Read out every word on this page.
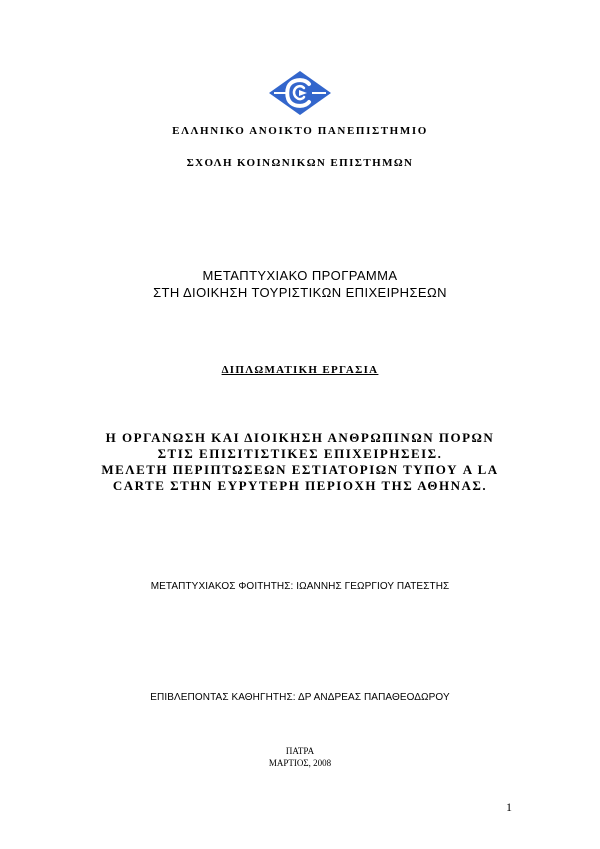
ΕΛΛΗΝΙΚΟ ΑΝΟΙΚΤΟ ΠΑΝΕΠΙΣΤΗΜΙΟ
ΣΧΟΛΗ ΚΟΙΝΩΝΙΚΩΝ ΕΠΙΣΤΗΜΩΝ
ΜΕΤΑΠΤΥΧΙΑΚΟ ΠΡΟΓΡΑΜΜΑ
ΣΤΗ ΔΙΟΙΚΗΣΗ ΤΟΥΡΙΣΤΙΚΩΝ ΕΠΙΧΕΙΡΗΣΕΩΝ
ΔΙΠΛΩΜΑΤΙΚΗ ΕΡΓΑΣΙΑ
Η ΟΡΓΑΝΩΣΗ ΚΑΙ ΔΙΟΙΚΗΣΗ ΑΝΘΡΩΠΙΝΩΝ ΠΟΡΩΝ
ΣΤΙΣ ΕΠΙΣΙΤΙΣΤΙΚΕΣ ΕΠΙΧΕΙΡΗΣΕΙΣ.
ΜΕΛΕΤΗ ΠΕΡΙΠΤΩΣΕΩΝ ΕΣΤΙΑΤΟΡΙΩΝ ΤΥΠΟΥ A LA
CARTE ΣΤΗΝ ΕΥΡΥΤΕΡΗ ΠΕΡΙΟΧΗ ΤΗΣ ΑΘΗΝΑΣ.
ΜΕΤΑΠΤΥΧΙΑΚΟΣ ΦΟΙΤΗΤΗΣ: ΙΩΑΝΝΗΣ ΓΕΩΡΓΙΟΥ ΠΑΤΕΣΤΗΣ
ΕΠΙΒΛΕΠΟΝΤΑΣ ΚΑΘΗΓΗΤΗΣ: ΔΡ ΑΝΔΡΕΑΣ ΠΑΠΑΘΕΟΔΩΡΟΥ
ΠΑΤΡΑ
ΜΑΡΤΙΟΣ, 2008
1
